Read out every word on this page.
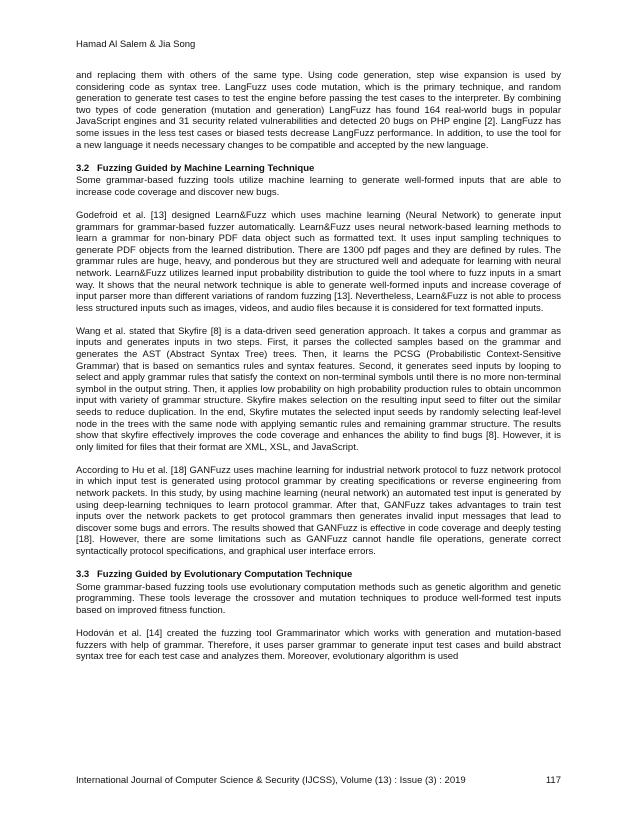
Hamad Al Salem & Jia Song

and replacing them with others of the same type. Using code generation, step wise expansion is used by considering code as syntax tree. LangFuzz uses code mutation, which is the primary technique, and random generation to generate test cases to test the engine before passing the test cases to the interpreter. By combining two types of code generation (mutation and generation) LangFuzz has found 164 real-world bugs in popular JavaScript engines and 31 security related vulnerabilities and detected 20 bugs on PHP engine [2]. LangFuzz has some issues in the less test cases or biased tests decrease LangFuzz performance. In addition, to use the tool for a new language it needs necessary changes to be compatible and accepted by the new language.

3.2 Fuzzing Guided by Machine Learning Technique

Some grammar-based fuzzing tools utilize machine learning to generate well-formed inputs that are able to increase code coverage and discover new bugs.

Godefroid et al. [13] designed Learn&Fuzz which uses machine learning (Neural Network) to generate input grammars for grammar-based fuzzer automatically. Learn&Fuzz uses neural network-based learning methods to learn a grammar for non-binary PDF data object such as formatted text. It uses input sampling techniques to generate PDF objects from the learned distribution. There are 1300 pdf pages and they are defined by rules. The grammar rules are huge, heavy, and ponderous but they are structured well and adequate for learning with neural network. Learn&Fuzz utilizes learned input probability distribution to guide the tool where to fuzz inputs in a smart way. It shows that the neural network technique is able to generate well-formed inputs and increase coverage of input parser more than different variations of random fuzzing [13]. Nevertheless, Learn&Fuzz is not able to process less structured inputs such as images, videos, and audio files because it is considered for text formatted inputs.

Wang et al. stated that Skyfire [8] is a data-driven seed generation approach. It takes a corpus and grammar as inputs and generates inputs in two steps. First, it parses the collected samples based on the grammar and generates the AST (Abstract Syntax Tree) trees. Then, it learns the PCSG (Probabilistic Context-Sensitive Grammar) that is based on semantics rules and syntax features. Second, it generates seed inputs by looping to select and apply grammar rules that satisfy the context on non-terminal symbols until there is no more non-terminal symbol in the output string. Then, it applies low probability on high probability production rules to obtain uncommon input with variety of grammar structure. Skyfire makes selection on the resulting input seed to filter out the similar seeds to reduce duplication. In the end, Skyfire mutates the selected input seeds by randomly selecting leaf-level node in the trees with the same node with applying semantic rules and remaining grammar structure. The results show that skyfire effectively improves the code coverage and enhances the ability to find bugs [8]. However, it is only limited for files that their format are XML, XSL, and JavaScript.

According to Hu et al. [18] GANFuzz uses machine learning for industrial network protocol to fuzz network protocol in which input test is generated using protocol grammar by creating specifications or reverse engineering from network packets. In this study, by using machine learning (neural network) an automated test input is generated by using deep-learning techniques to learn protocol grammar. After that, GANFuzz takes advantages to train test inputs over the network packets to get protocol grammars then generates invalid input messages that lead to discover some bugs and errors. The results showed that GANFuzz is effective in code coverage and deeply testing [18]. However, there are some limitations such as GANFuzz cannot handle file operations, generate correct syntactically protocol specifications, and graphical user interface errors.

3.3 Fuzzing Guided by Evolutionary Computation Technique

Some grammar-based fuzzing tools use evolutionary computation methods such as genetic algorithm and genetic programming. These tools leverage the crossover and mutation techniques to produce well-formed test inputs based on improved fitness function.

Hodován et al. [14] created the fuzzing tool Grammarinator which works with generation and mutation-based fuzzers with help of grammar. Therefore, it uses parser grammar to generate input test cases and build abstract syntax tree for each test case and analyzes them. Moreover, evolutionary algorithm is used

International Journal of Computer Science & Security (IJCSS), Volume (13) : Issue (3) : 2019	117
